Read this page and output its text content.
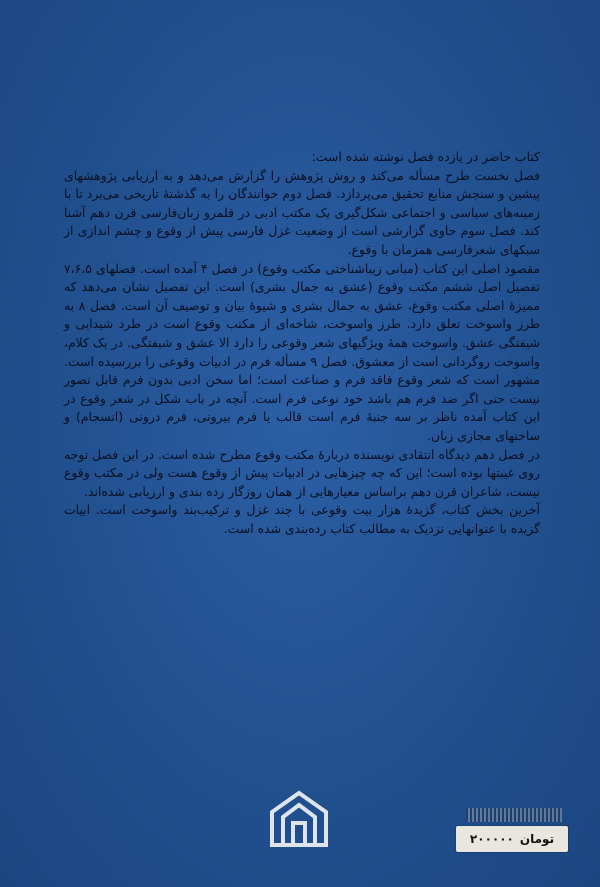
کتاب حاضر در یازده فصل نوشته شده است:

فصل نخست طرح مسأله می‌کند و روش پژوهش را گزارش می‌دهد و به ارزیابی پژوهشهای پیشین و سنجش منابع تحقیق می‌پردازد. فصل دوم خوانندگان را به گذشتهٔ تاریخی می‌برد تا با زمینه‌های سیاسی و اجتماعی شکل‌گیری یک مکتب ادبی در قلمرو زبان‌فارسی قرن دهم آشنا کند. فصل سوم حاوی گزارشی است از وضعیت غزل فارسی پیش از وقوع و چشم اندازی از سبکهای شعرفارسی همزمان با وقوع.

مقصود اصلی این کتاب (مبانی زیباشناختی مکتب وقوع) در فصل ۴ آمده است. فصلهای ۷،۶،۵ تفصیل اصل ششم مکتب وقوع (عشق به جمال بشری) است. این تفصیل نشان می‌دهد که ممیزهٔ اصلی مکتب وقوع، عشق به جمال بشری و شیوهٔ بیان و توصیف آن است. فصل ۸ به طرز واسوخت تعلق دارد. طرز واسوخت، شاخه‌ای از مکتب وقوع است در طرد شیدایی و شیفتگی عشق. واسوخت همهٔ ویژگیهای شعر وقوعی را دارد الا عشق و شیفتگی. در یک کلام، واسوخت روگردانی است از معشوق. فصل ۹ مسأله فرم در ادبیات وقوعی را بررسیده است. مشهور است که شعر وقوع فاقد فرم و صناعت است؛ اما سخن ادبی بدون فرم قابل تصور نیست حتی اگر ضد فرم هم باشد خود نوعی فرم است. آنچه در باب شکل در شعر وقوع در این کتاب آمده ناظر بر سه جنبهٔ فرم است قالب یا فرم بیرونی، فرم درونی (انسجام) و ساختهای مجازی زبان.

در فصل دهم دیدگاه انتقادی نویسنده دربارهٔ مکتب وقوع مطرح شده است. در این فصل توجه روی غیبتها بوده است؛ این که چه چیزهایی در ادبیات پیش از وقوع هست ولی در مکتب وقوع نیست، شاعران قرن دهم براساس معیارهایی از همان روزگار رده بندی و ارزیابی شده‌اند.

آخرین بخش کتاب، گزیدهٔ هزار بیت وقوعی با چند غزل و ترکیب‌بند واسوخت است. ابیات گزیده با عنوانهایی نزدیک به مطالب کتاب رده‌بندی شده است.

تومان
۲۰۰۰۰۰
